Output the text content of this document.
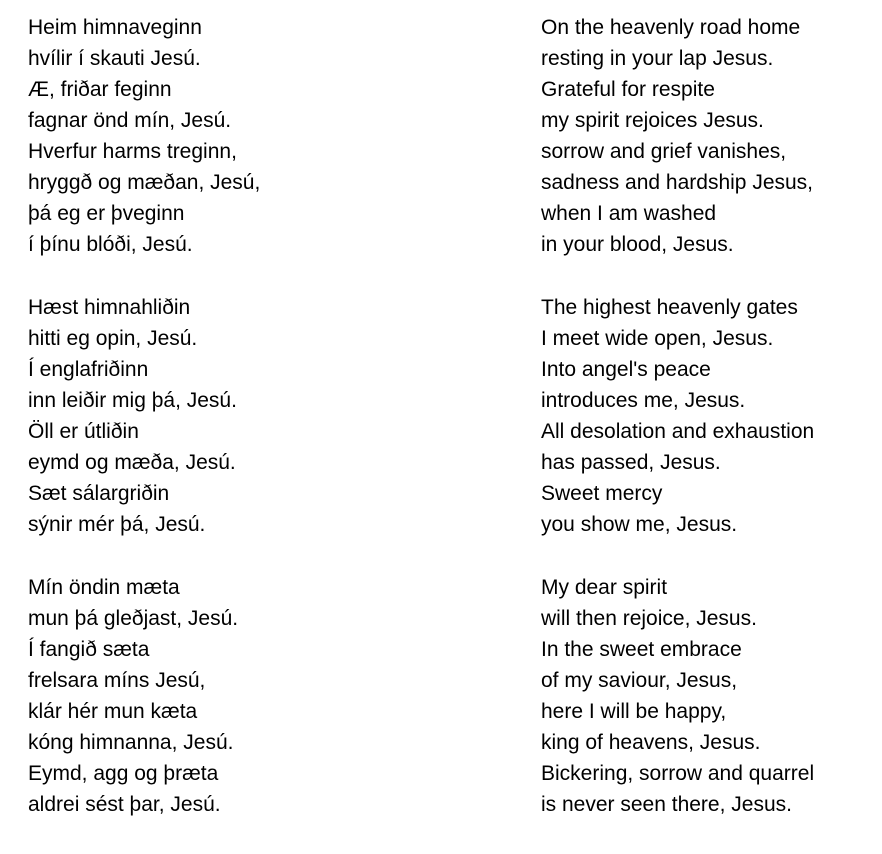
Heim himnaveginn
hvílir í skauti Jesú.
Æ, friðar feginn
fagnar önd mín, Jesú.
Hverfur harms treginn,
hryggð og mæðan, Jesú,
þá eg er þveginn
í þínu blóði, Jesú.
Hæst himnahliðin
hitti eg opin, Jesú.
Í englafriðinn
inn leiðir mig þá, Jesú.
Öll er útliðin
eymd og mæða, Jesú.
Sæt sálargriðin
sýnir mér þá, Jesú.
Mín öndin mæta
mun þá gleðjast, Jesú.
Í fangið sæta
frelsara míns Jesú,
klár hér mun kæta
kóng himnanna, Jesú.
Eymd, agg og þræta
aldrei sést þar, Jesú.
On the heavenly road home
resting in your lap Jesus.
Grateful for respite
my spirit rejoices Jesus.
sorrow and grief vanishes,
sadness and hardship Jesus,
when I am washed
in your blood, Jesus.
The highest heavenly gates
I meet wide open, Jesus.
Into angel's peace
introduces me, Jesus.
All desolation and exhaustion
has passed, Jesus.
Sweet mercy
you show me, Jesus.
My dear spirit
will then rejoice, Jesus.
In the sweet embrace
of my saviour, Jesus,
here I will be happy,
king of heavens, Jesus.
Bickering, sorrow and quarrel
is never seen there, Jesus.
